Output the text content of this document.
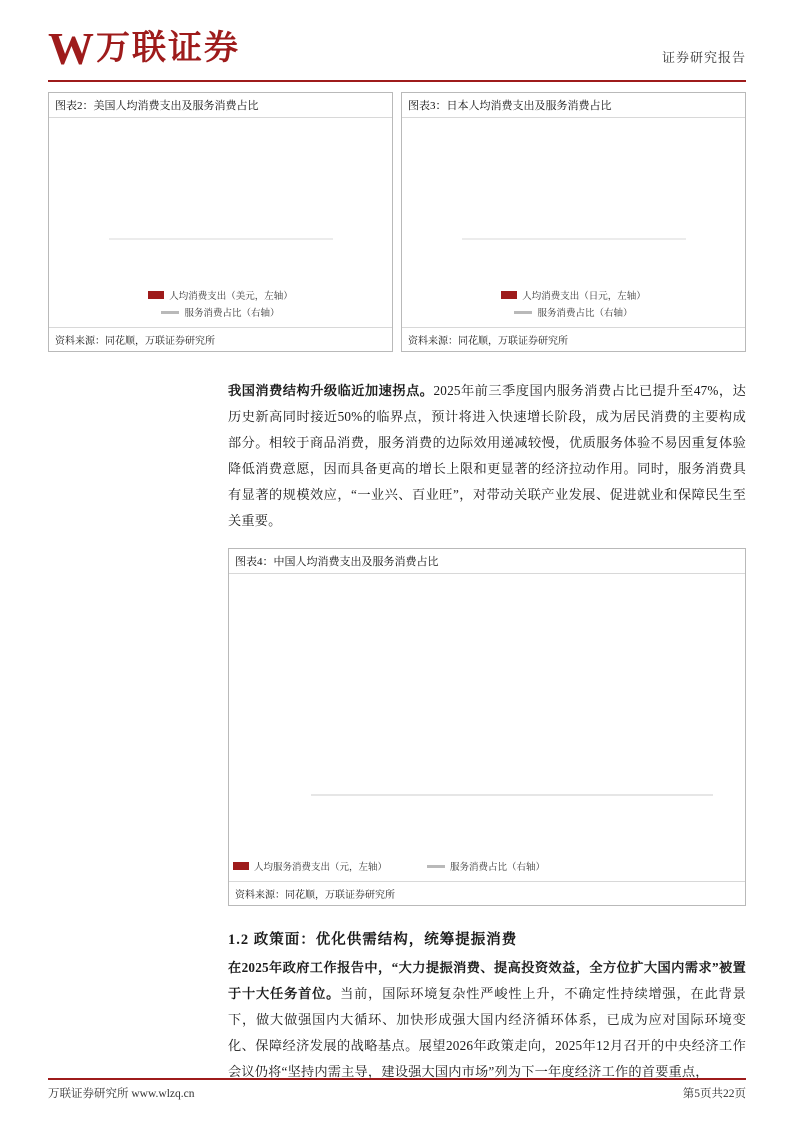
W 万联证券	证券研究报告
图表2：美国人均消费支出及服务消费占比
人均消费支出（美元，左轴）
服务消费占比（右轴）
资料来源：同花顺，万联证券研究所
图表3：日本人均消费支出及服务消费占比
人均消费支出（日元，左轴）
服务消费占比（右轴）
资料来源：同花顺，万联证券研究所

我国消费结构升级临近加速拐点。2025年前三季度国内服务消费占比已提升至47%，达历史新高同时接近50%的临界点，预计将进入快速增长阶段，成为居民消费的主要构成部分。相较于商品消费，服务消费的边际效用递减较慢，优质服务体验不易因重复体验降低消费意愿，因而具备更高的增长上限和更显著的经济拉动作用。同时，服务消费具有显著的规模效应，“一业兴、百业旺”，对带动关联产业发展、促进就业和保障民生至关重要。

图表4：中国人均消费支出及服务消费占比
人均服务消费支出（元，左轴）	服务消费占比（右轴）
资料来源：同花顺，万联证券研究所
1.2 政策面：优化供需结构，统筹提振消费

在2025年政府工作报告中，“大力提振消费、提高投资效益，全方位扩大国内需求”被置于十大任务首位。当前，国际环境复杂性严峻性上升，不确定性持续增强，在此背景下，做大做强国内大循环、加快形成强大国内经济循环体系，已成为应对国际环境变化、保障经济发展的战略基点。展望2026年政策走向，2025年12月召开的中央经济工作会议仍将“坚持内需主导，建设强大国内市场”列为下一年度经济工作的首要重点，

万联证券研究所 www.wlzq.cn	第5页共22页
